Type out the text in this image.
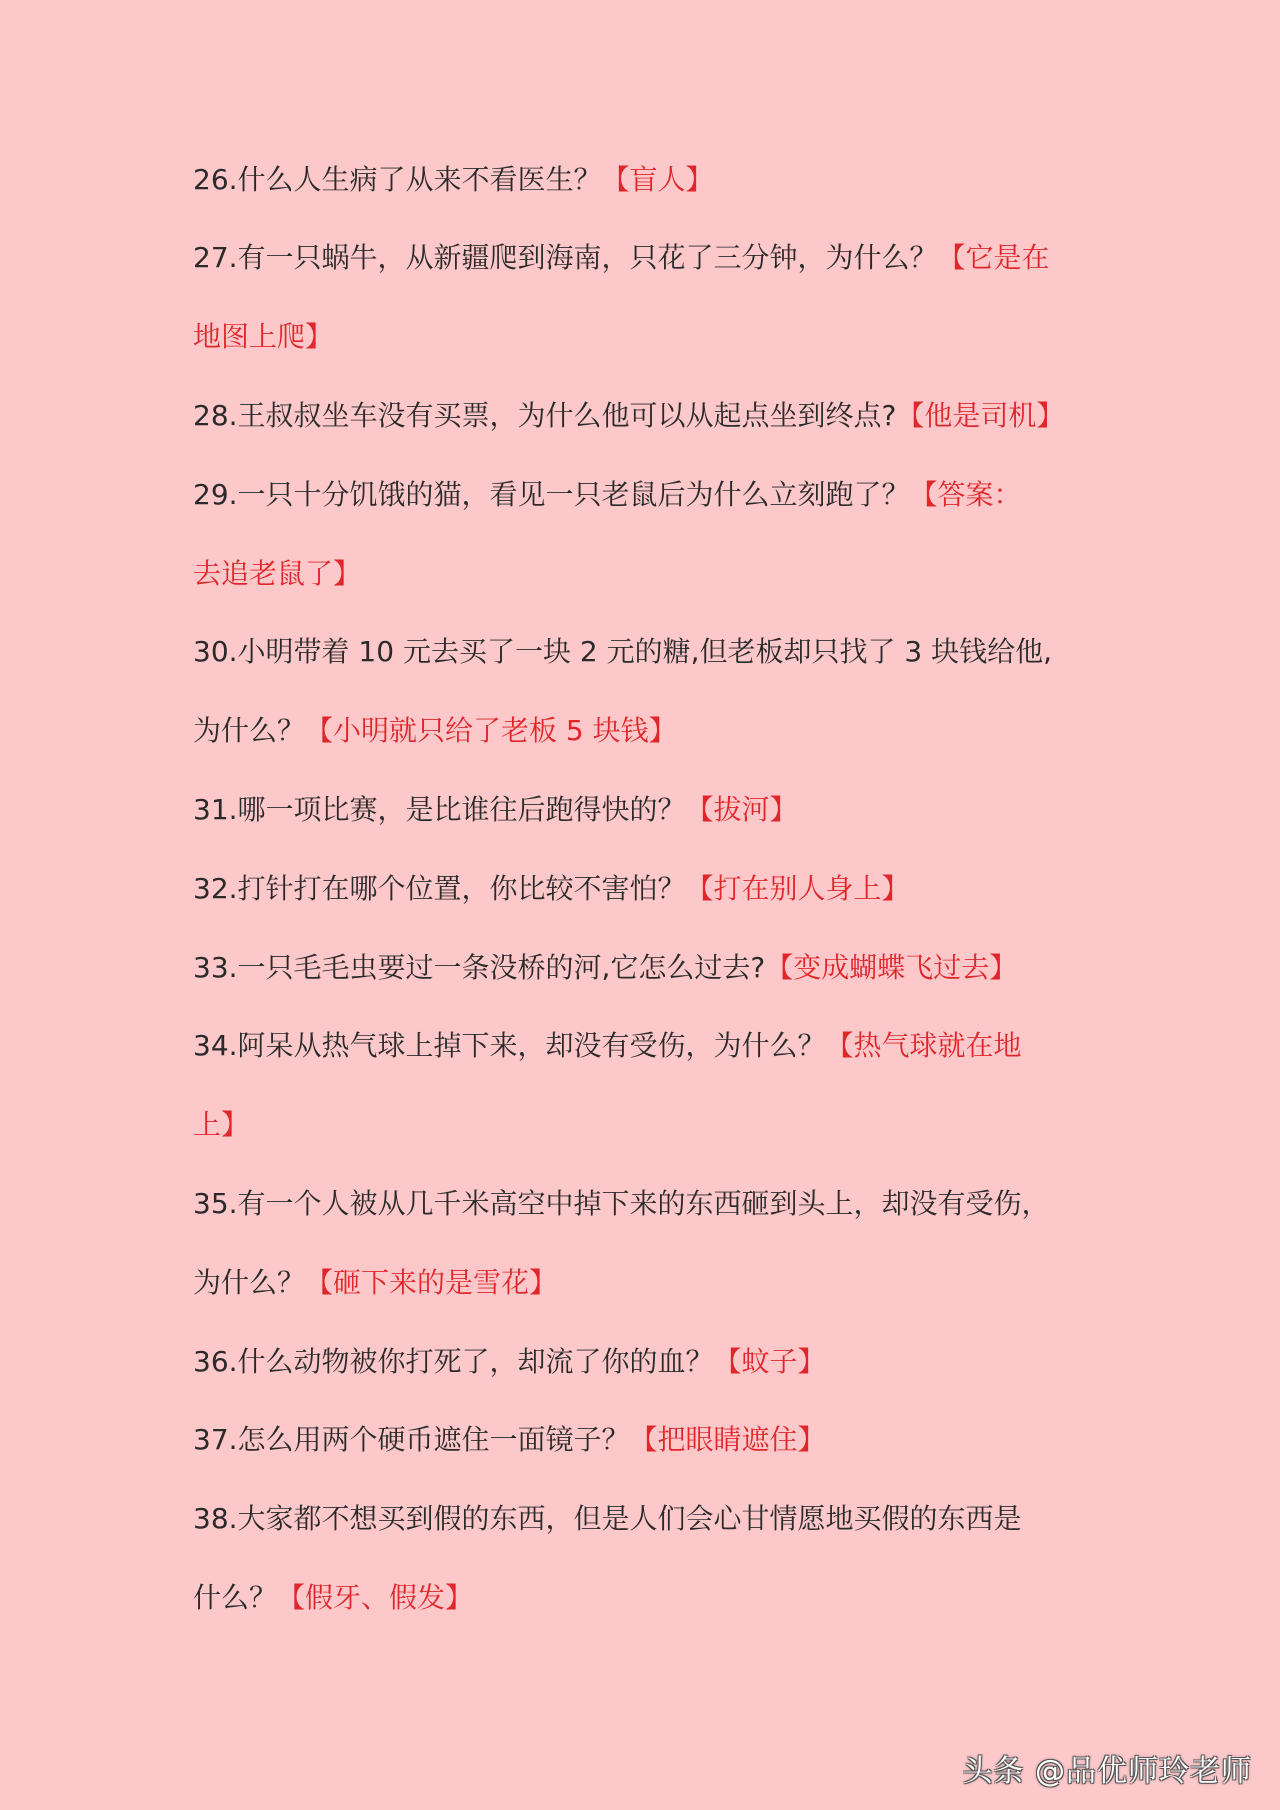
26.什么人生病了从来不看医生？【盲人】
27.有一只蜗牛，从新疆爬到海南，只花了三分钟，为什么？【它是在
地图上爬】
28.王叔叔坐车没有买票，为什么他可以从起点坐到终点?【他是司机】
29.一只十分饥饿的猫，看见一只老鼠后为什么立刻跑了？【答案：
去追老鼠了】
30.小明带着 10 元去买了一块 2 元的糖,但老板却只找了 3 块钱给他,
为什么？【小明就只给了老板 5 块钱】
31.哪一项比赛，是比谁往后跑得快的？【拔河】
32.打针打在哪个位置，你比较不害怕？【打在别人身上】
33.一只毛毛虫要过一条没桥的河,它怎么过去?【变成蝴蝶飞过去】
34.阿呆从热气球上掉下来，却没有受伤，为什么？【热气球就在地
上】
35.有一个人被从几千米高空中掉下来的东西砸到头上，却没有受伤，
为什么？【砸下来的是雪花】
36.什么动物被你打死了，却流了你的血？【蚊子】
37.怎么用两个硬币遮住一面镜子？【把眼睛遮住】
38.大家都不想买到假的东西，但是人们会心甘情愿地买假的东西是
什么？【假牙、假发】
头条 @品优师玲老师
